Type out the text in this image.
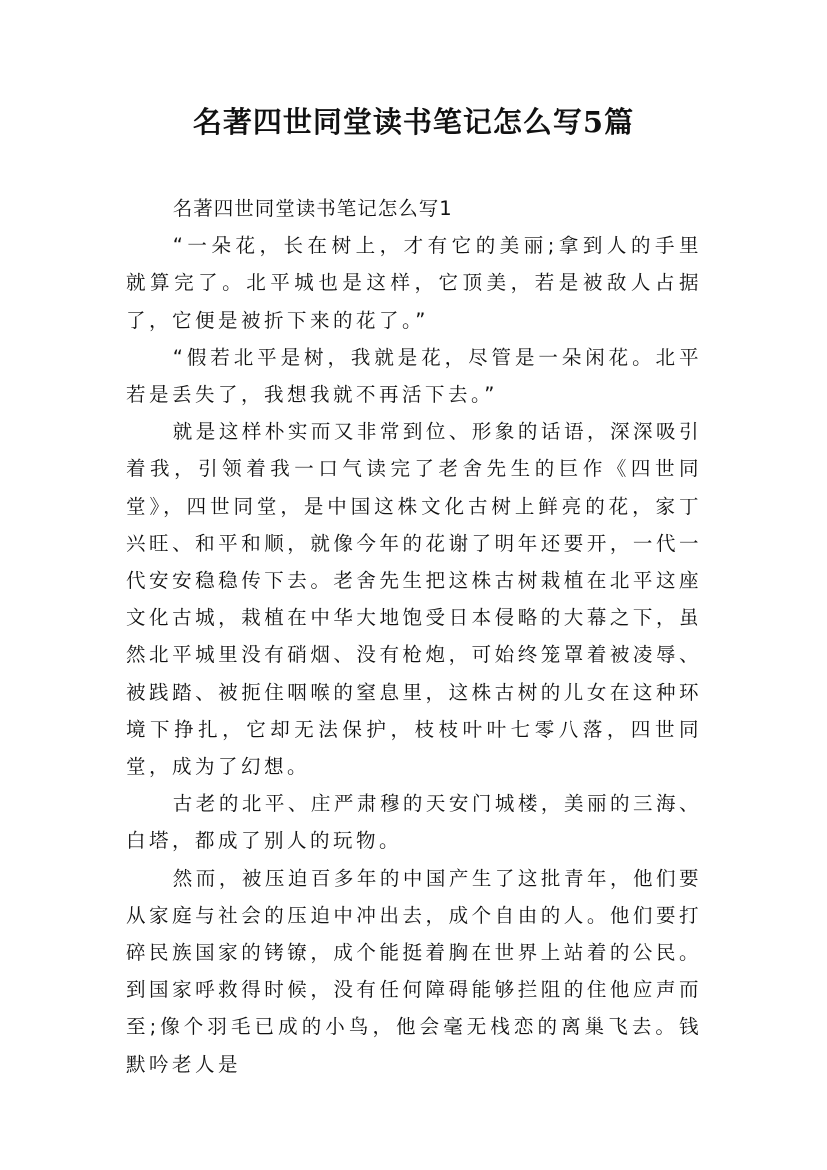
名著四世同堂读书笔记怎么写5篇

名著四世同堂读书笔记怎么写1

“一朵花，长在树上，才有它的美丽;拿到人的手里就算完了。北平城也是这样，它顶美，若是被敌人占据了，它便是被折下来的花了。”

“假若北平是树，我就是花，尽管是一朵闲花。北平若是丢失了，我想我就不再活下去。”

就是这样朴实而又非常到位、形象的话语，深深吸引着我，引领着我一口气读完了老舍先生的巨作《四世同堂》，四世同堂，是中国这株文化古树上鲜亮的花，家丁兴旺、和平和顺，就像今年的花谢了明年还要开，一代一代安安稳稳传下去。老舍先生把这株古树栽植在北平这座文化古城，栽植在中华大地饱受日本侵略的大幕之下，虽然北平城里没有硝烟、没有枪炮，可始终笼罩着被凌辱、被践踏、被扼住咽喉的窒息里，这株古树的儿女在这种环境下挣扎，它却无法保护，枝枝叶叶七零八落，四世同堂，成为了幻想。

古老的北平、庄严肃穆的天安门城楼，美丽的三海、白塔，都成了别人的玩物。

然而，被压迫百多年的中国产生了这批青年，他们要从家庭与社会的压迫中冲出去，成个自由的人。他们要打碎民族国家的铐镣，成个能挺着胸在世界上站着的公民。到国家呼救得时候，没有任何障碍能够拦阻的住他应声而至;像个羽毛已成的小鸟，他会毫无栈恋的离巢飞去。钱默吟老人是
